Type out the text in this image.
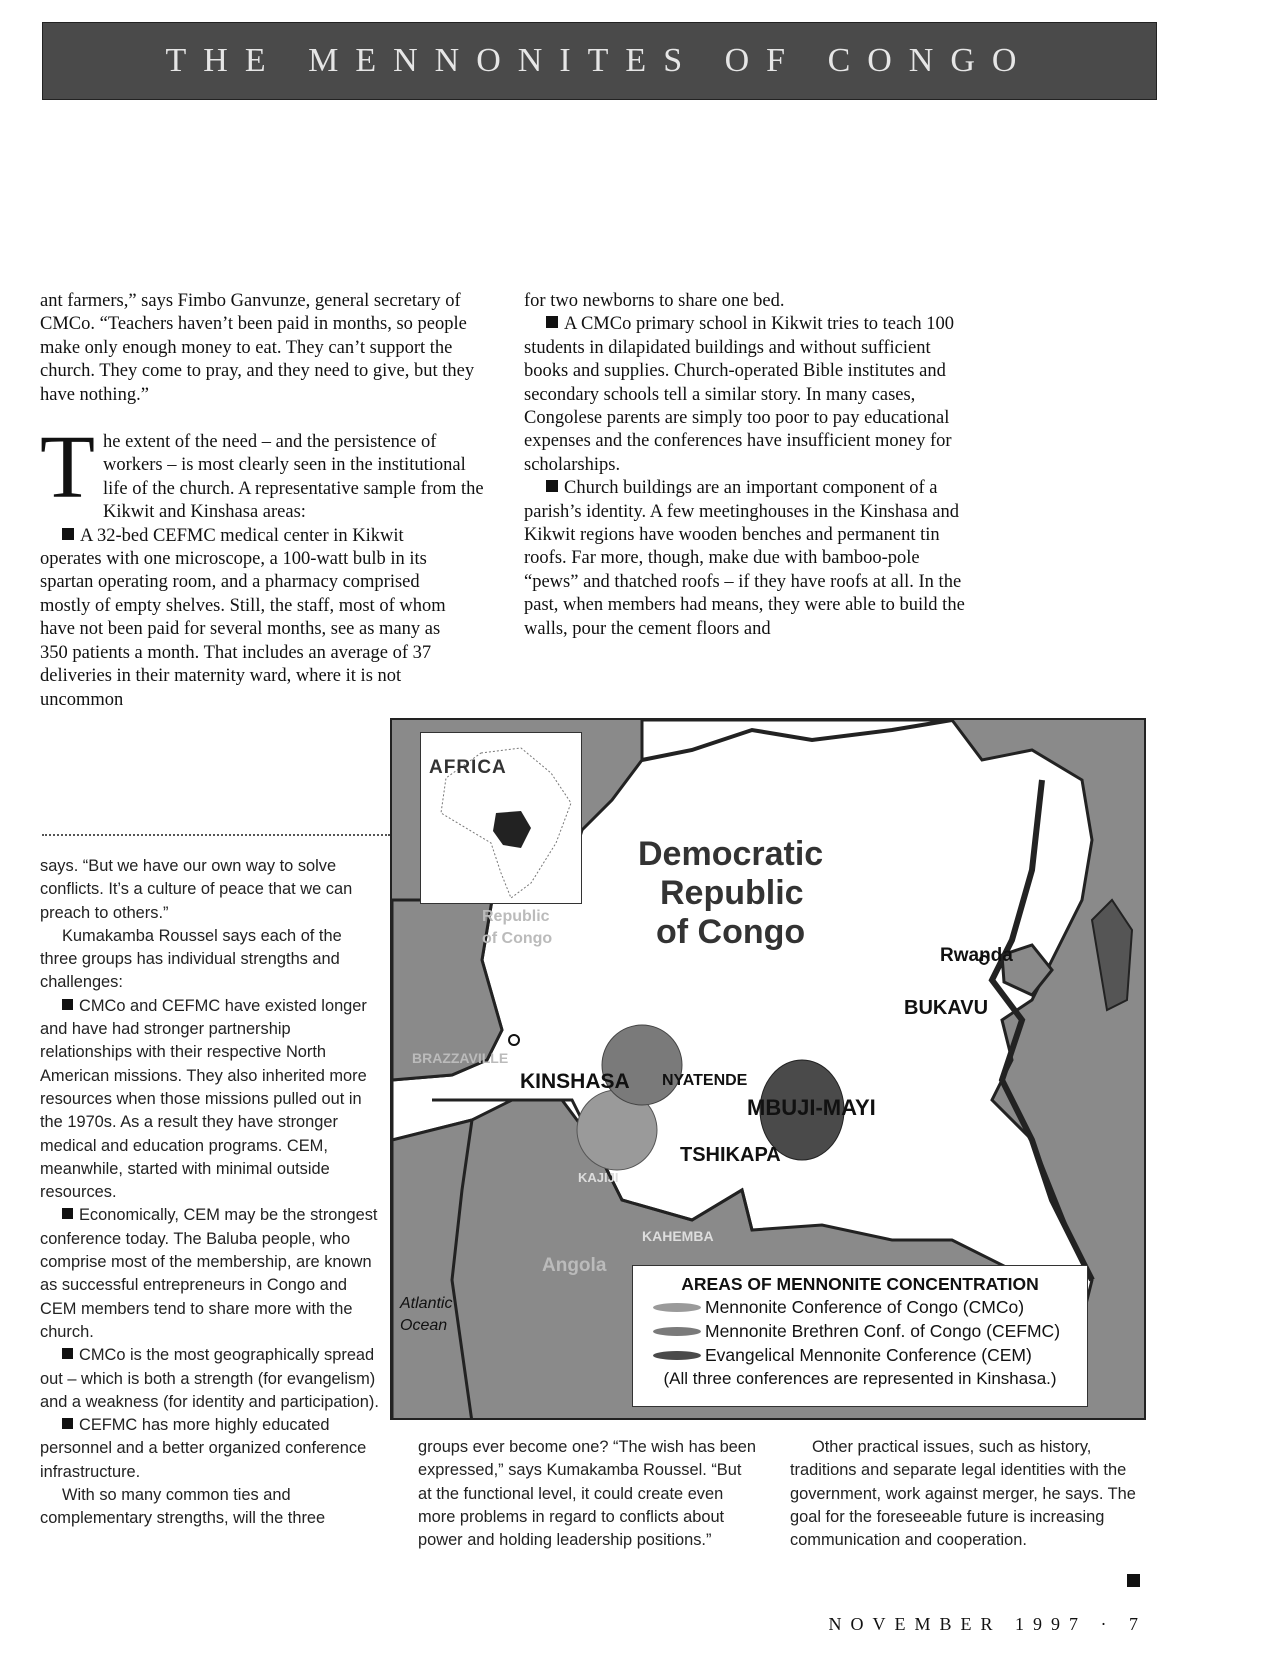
THE MENNONITES OF CONGO

ant farmers,” says Fimbo Ganvunze, general secretary of CMCo. “Teachers haven’t been paid in months, so people make only enough money to eat. They can’t support the church. They come to pray, and they need to give, but they have nothing.”

The extent of the need – and the persistence of workers – is most clearly seen in the institutional life of the church. A representative sample from the Kikwit and Kinshasa areas:

A 32-bed CEFMC medical center in Kikwit operates with one microscope, a 100-watt bulb in its spartan operating room, and a pharmacy comprised mostly of empty shelves. Still, the staff, most of whom have not been paid for several months, see as many as 350 patients a month. That includes an average of 37 deliveries in their maternity ward, where it is not uncommon

for two newborns to share one bed.

A CMCo primary school in Kikwit tries to teach 100 students in dilapidated buildings and without sufficient books and supplies. Church-operated Bible institutes and secondary schools tell a similar story. In many cases, Congolese parents are simply too poor to pay educational expenses and the conferences have insufficient money for scholarships.

Church buildings are an important component of a parish’s identity. A few meetinghouses in the Kinshasa and Kikwit regions have wooden benches and permanent tin roofs. Far more, though, make due with bamboo-pole “pews” and thatched roofs – if they have roofs at all. In the past, when members had means, they were able to build the walls, pour the cement floors and

says. “But we have our own way to solve conflicts. It’s a culture of peace that we can preach to others.”

Kumakamba Roussel says each of the three groups has individual strengths and challenges:

CMCo and CEFMC have existed longer and have had stronger partnership relationships with their respective North American missions. They also inherited more resources when those missions pulled out in the 1970s. As a result they have stronger medical and education programs. CEM, meanwhile, started with minimal outside resources.

Economically, CEM may be the strongest conference today. The Baluba people, who comprise most of the membership, are known as successful entrepreneurs in Congo and CEM members tend to share more with the church.

CMCo is the most geographically spread out – which is both a strength (for evangelism) and a weakness (for identity and participation).

CEFMC has more highly educated personnel and a better organized conference infrastructure.

With so many common ties and complementary strengths, will the three

AFRICA
Democratic
Republic
of Congo
Republic
of Congo
Rwanda
BUKAVU
BRAZZAVILLE
KINSHASA NYATENDE
MBUJI-MAYI
TSHIKAPA
KAJIJI
KAHEMBA
Angola
Atlantic
Ocean
AREAS OF MENNONITE CONCENTRATION
Mennonite Conference of Congo (CMCo)
Mennonite Brethren Conf. of Congo (CEFMC)
Evangelical Mennonite Conference (CEM)
(All three conferences are represented in Kinshasa.)

groups ever become one? “The wish has been expressed,” says Kumakamba Roussel. “But at the functional level, it could create even more problems in regard to conflicts about power and holding leadership positions.”

Other practical issues, such as history, traditions and separate legal identities with the government, work against merger, he says. The goal for the foreseeable future is increasing communication and cooperation.

NOVEMBER 1997 · 7
